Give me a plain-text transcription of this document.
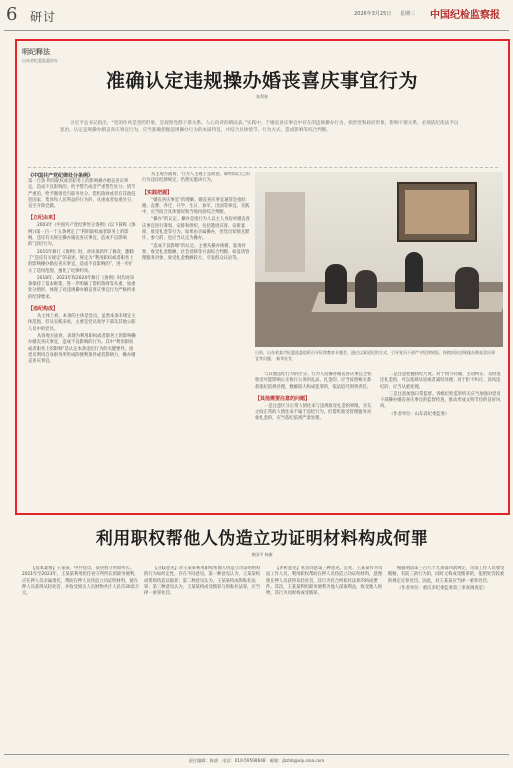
6 研讨	2026年3月25日 星期三 中国纪检监察报
明纪释法
山东省纪委监委协办
准确认定违规操办婚丧喜庆事宜行为
张利春

习近平总书记指出，“党的作风是党的形象，是观察党群干群关系、人心向背的晴雨表。”实践中，于婚丧喜庆事宜中存在的违规操办行为，损害党和政府形象，影响干群关系，必须依纪依法予以惩治。认定违规操办婚丧喜庆事宜行为，应当准确把握违规操办行为的本质特征，并结合具体情节、行为方式、造成影响等综合判断。

《中国共产党纪律处分条例》
第一百条 利用职权或者职务上的影响操办婚丧喜庆事宜，造成不良影响的，给予警告或者严重警告处分；情节严重的，给予撤销党内职务处分。借机敛财或者有其他侵犯国家、集体和人民利益的行为的，从重或者加重处分，直至开除党籍。
【立纪由来】

2003年《中国共产党纪律处分条例》(以下简称《条例》)第一百一十五条规定了“利用职权或者职务上的影响，违反有关规定操办婚丧喜庆事宜，造成不良影响的”违纪行为。

2015年修订《条例》时，对该条款作了修改，删除了“违反有关规定”的表述，规定为“利用职权或者职务上的影响操办婚丧喜庆事宜，造成不良影响的”，进一步扩大了适用范围，强化了纪律约束。

2018年、2023年和2024年修订《条例》时均对该条保持了基本框架，进一步明确了借机敛财等从重、加重处分情形，体现了对违规操办婚丧喜庆事宜行为严格约束的纪律要求。

【违纪构成】

从主体上看，本条的主体是党员。虽然本条未规定主体范围，但从实践来看，主要是党员领导干部及其他公职人员中的党员。

从客观方面看，表现为利用职权或者职务上的影响操办婚丧喜庆事宜，造成不良影响的行为。其中“利用职权或者职务上的影响”是认定本条违纪行为的关键要件，指党员利用自身职务所形成的便利条件或者影响力，操办婚丧喜庆事宜。

从主观方面看，行为人主观上是故意，即明知自己的行为违反纪律规定，仍然实施该行为。

【实践把握】

“婚丧喜庆事宜”的理解。婚丧喜庆事宜通常是指结婚、丧葬、乔迁、升学、生日、参军、出国等事宜。实践中，应当结合具体情况和当地风俗综合判断。

“操办”的认定。操办是指行为人以主人身份对婚丧喜庆事宜进行筹划、安排和组织，包括邀请宾客、安排宴席、收受礼金等行为。如果由亲属操办，但党员知情且默许、参与的，也应当认定为操办。

“造成不良影响”的认定。主要从操办规模、宴请对象、收受礼金数额、社会反映等方面综合判断，如宴请管理服务对象、收受礼金数额较大、引发群众议论等。

日前，山东省某市纪委监委组织召开纪律教育专题会，通过以案说纪的方式，引导党员干部严守纪律规矩，持续纠治违规操办婚丧喜庆事宜等问题。 新华社发

与其他违纪行为的区分。行为人借操办婚丧喜庆事宜之机收受可能影响公正执行公务的礼品、礼金的，应当按照相关条款依纪依规处理，数额较大构成犯罪的，依法追究刑事责任。

【其他需要注意的问题】

一是注意区分正常人情往来与违规收受礼金的界限。亲友之间正常的人情往来不属于违纪行为，但借机收受管理服务对象礼金的，应当依纪依规严肃处理。

二是注意把握执纪尺度。对于情节轻微、主动纠正、及时退还礼金的，可以依规从轻或者减轻处理；对于拒不纠正、顶风违纪的，应当从重处理。

三是注意加强日常监督。各级纪检监察机关应当加强对党员干部操办婚丧喜庆事宜的监督检查，推动形成文明节俭的良好风尚。

（作者单位：山东省纪委监委）

利用职权帮他人伪造立功证明材料构成何罪
黄国平 杨旗

【基本案情】王某某，中共党员，某县看守所原所长。2021年至2023年，王某某利用担任看守所所长的职务便利，应在押人员亲属请托，帮助在押人员伪造立功证明材料，使在押人员获得从轻处罚，并收受相关人员财物共计人民币30余万元。

【分歧意见】对王某某利用职权帮他人伪造立功证明材料的行为如何定性，存在不同意见。第一种意见认为，王某某构成帮助伪造证据罪；第二种意见认为，王某某构成徇私枉法罪；第三种意见认为，王某某构成受贿罪与徇私枉法罪，应当择一重罪处罚。

【评析意见】笔者同意第三种意见。首先，王某某作为司法工作人员，利用职权帮助在押人员伪造立功证明材料，意图使在押人员获得从轻处罚，其行为符合徇私枉法罪的构成要件。其次，王某某利用职务便利为他人谋取利益，收受他人财物，其行为同时构成受贿罪。

根据刑法第三百九十九条第四款规定，司法工作人员收受贿赂，有前三款行为的，同时又构成受贿罪的，依照处罚较重的规定定罪处罚。因此，对王某某应当择一重罪处罚。

（作者单位：重庆市纪委监委第三审查调查室）

责任编辑：陈斌　电话：010-59598648　邮箱：jbzhb@vip.sina.com
